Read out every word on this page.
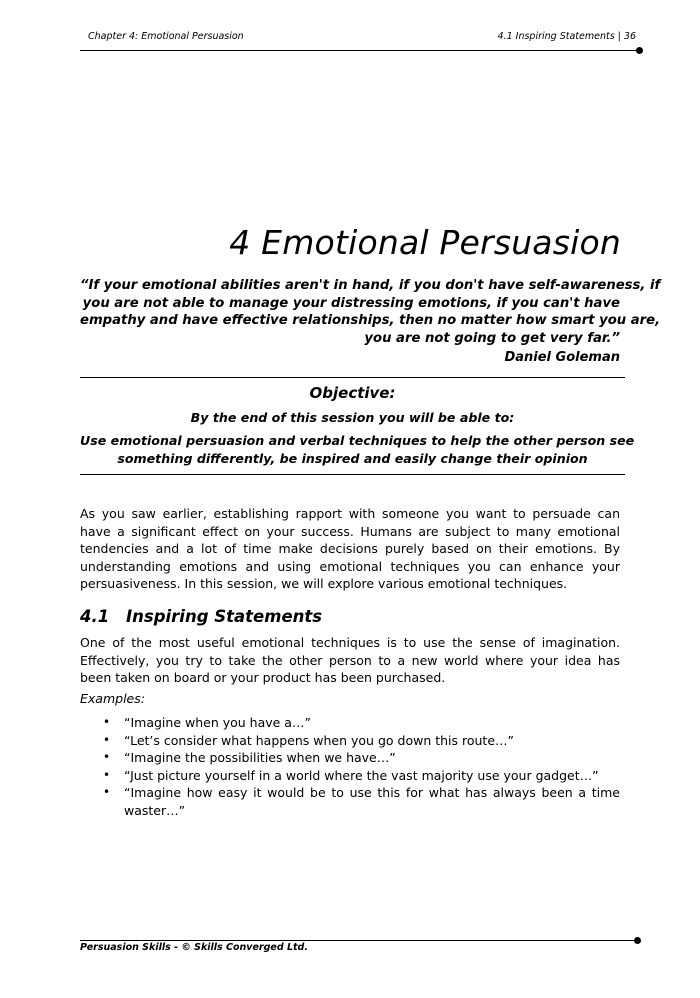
Chapter 4: Emotional Persuasion	4.1 Inspiring Statements | 36
4 Emotional Persuasion
“If your emotional abilities aren't in hand, if you don't have self-awareness, if
you are not able to manage your distressing emotions, if you can't have
empathy and have effective relationships, then no matter how smart you are,
you are not going to get very far.”
Daniel Goleman
Objective:
By the end of this session you will be able to:
Use emotional persuasion and verbal techniques to help the other person see
something differently, be inspired and easily change their opinion
As you saw earlier, establishing rapport with someone you want to persuade can
have a significant effect on your success. Humans are subject to many emotional
tendencies and a lot of time make decisions purely based on their emotions. By
understanding emotions and using emotional techniques you can enhance your
persuasiveness. In this session, we will explore various emotional techniques.
4.1 Inspiring Statements
One of the most useful emotional techniques is to use the sense of imagination.
Effectively, you try to take the other person to a new world where your idea has
been taken on board or your product has been purchased.
Examples:
• “Imagine when you have a…”
• “Let’s consider what happens when you go down this route…”
• “Imagine the possibilities when we have…”
• “Just picture yourself in a world where the vast majority use your gadget…”
• “Imagine how easy it would be to use this for what has always been a time
waster…”
Persuasion Skills - © Skills Converged Ltd.
